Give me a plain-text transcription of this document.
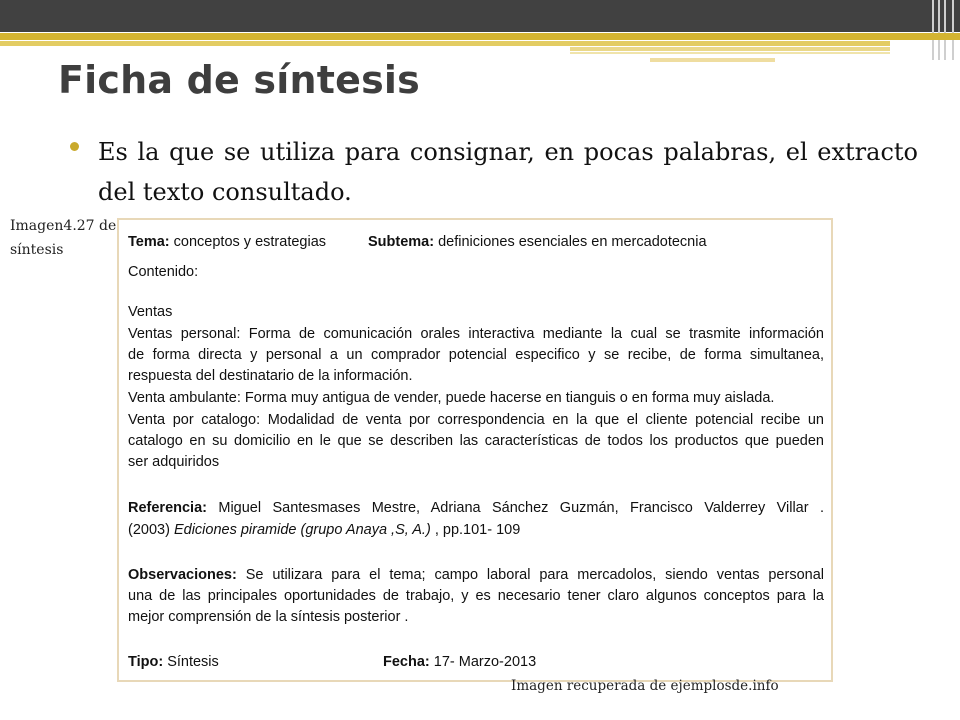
Ficha de síntesis
Es la que se utiliza para consignar, en pocas palabras, el extracto del texto consultado.
Imagen4.27 de síntesis	Tema: conceptos y estrategias	Subtema: definiciones esenciales en mercadotecnia
Contenido:
Ventas
Ventas personal: Forma de comunicación orales interactiva mediante la cual se trasmite información
de forma directa y personal a un comprador potencial especifico y se recibe, de forma simultanea,
respuesta del destinatario de la información.
Venta ambulante: Forma muy antigua de vender, puede hacerse en tianguis o en forma muy aislada.
Venta por catalogo: Modalidad de venta por correspondencia en la que el cliente potencial recibe un
catalogo en su domicilio en le que se describen las características de todos los productos que pueden
ser adquiridos
Referencia: Miguel Santesmases Mestre, Adriana Sánchez Guzmán, Francisco Valderrey Villar .
(2003) Ediciones piramide (grupo Anaya ,S, A.) , pp.101- 109
Observaciones: Se utilizara para el tema; campo laboral para mercadolos, siendo ventas personal
una de las principales oportunidades de trabajo, y es necesario tener claro algunos conceptos para la
mejor comprensión de la síntesis posterior .
Tipo: Síntesis	Fecha: 17- Marzo-2013
Imagen recuperada de ejemplosde.info
